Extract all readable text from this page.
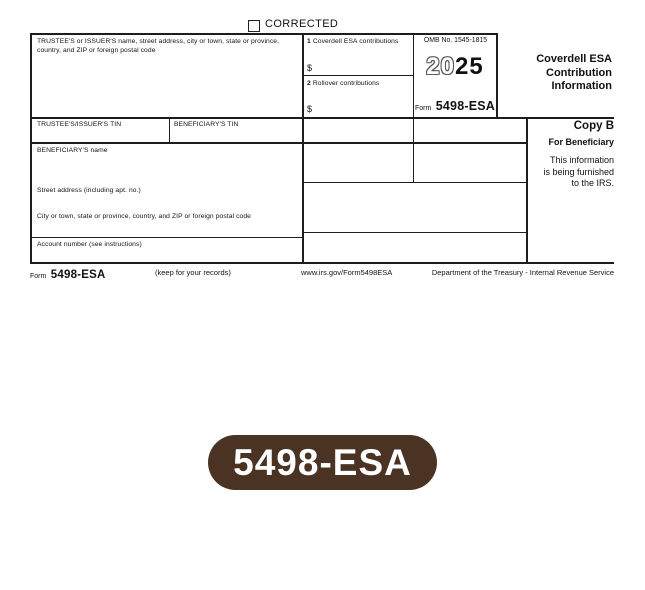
CORRECTED
TRUSTEE'S or ISSUER'S name, street address, city or town, state or province, country, and ZIP or foreign postal code
TRUSTEE'S/ISSUER'S TIN	BENEFICIARY'S TIN
BENEFICIARY'S name
Street address (including apt. no.)
City or town, state or province, country, and ZIP or foreign postal code
Account number (see instructions)
1 Coverdell ESA contributions
$
2 Rollover contributions
$
OMB No. 1545-1815
2025
Form 5498-ESA
Coverdell ESA
Contribution
Information
Copy B
For Beneficiary
This information
is being furnished
to the IRS.
Form 5498-ESA	(keep for your records)	www.irs.gov/Form5498ESA	Department of the Treasury - Internal Revenue Service
5498-ESA
